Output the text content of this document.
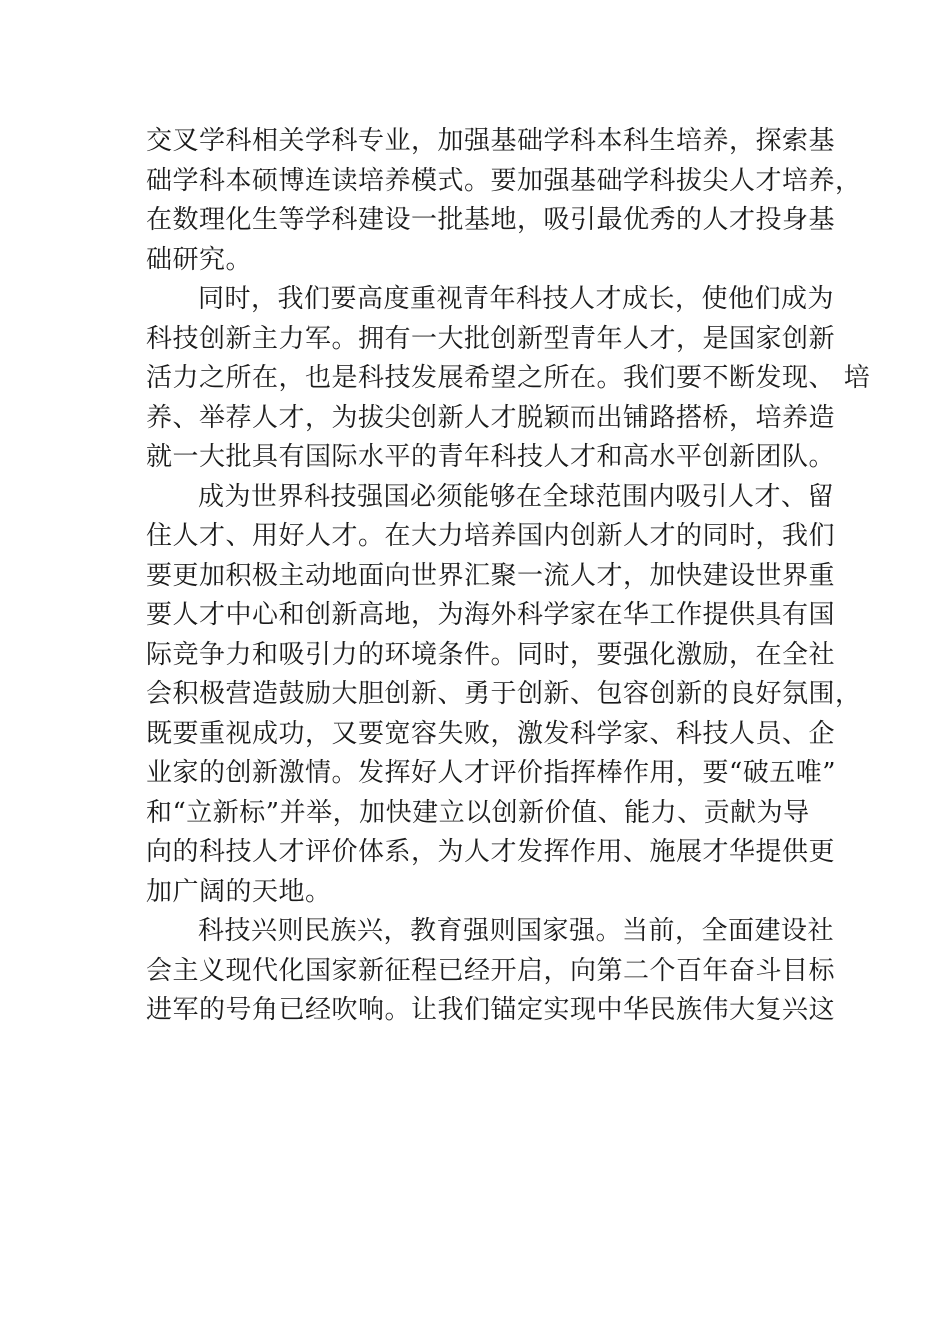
交叉学科相关学科专业，加强基础学科本科生培养，探索基
础学科本硕博连读培养模式。要加强基础学科拔尖人才培养，
在数理化生等学科建设一批基地，吸引最优秀的人才投身基
础研究。
同时，我们要高度重视青年科技人才成长，使他们成为
科技创新主力军。拥有一大批创新型青年人才，是国家创新
活力之所在，也是科技发展希望之所在。我们要不断发现、 培
养、举荐人才，为拔尖创新人才脱颖而出铺路搭桥，培养造
就一大批具有国际水平的青年科技人才和高水平创新团队。
成为世界科技强国必须能够在全球范围内吸引人才、留
住人才、用好人才。在大力培养国内创新人才的同时，我们
要更加积极主动地面向世界汇聚一流人才，加快建设世界重
要人才中心和创新高地，为海外科学家在华工作提供具有国
际竞争力和吸引力的环境条件。同时，要强化激励，在全社
会积极营造鼓励大胆创新、勇于创新、包容创新的良好氛围，
既要重视成功，又要宽容失败，激发科学家、科技人员、企
业家的创新激情。发挥好人才评价指挥棒作用，要“破五唯”
和“立新标”并举，加快建立以创新价值、能力、贡献为导
向的科技人才评价体系，为人才发挥作用、施展才华提供更
加广阔的天地。
科技兴则民族兴，教育强则国家强。当前，全面建设社
会主义现代化国家新征程已经开启，向第二个百年奋斗目标
进军的号角已经吹响。让我们锚定实现中华民族伟大复兴这
